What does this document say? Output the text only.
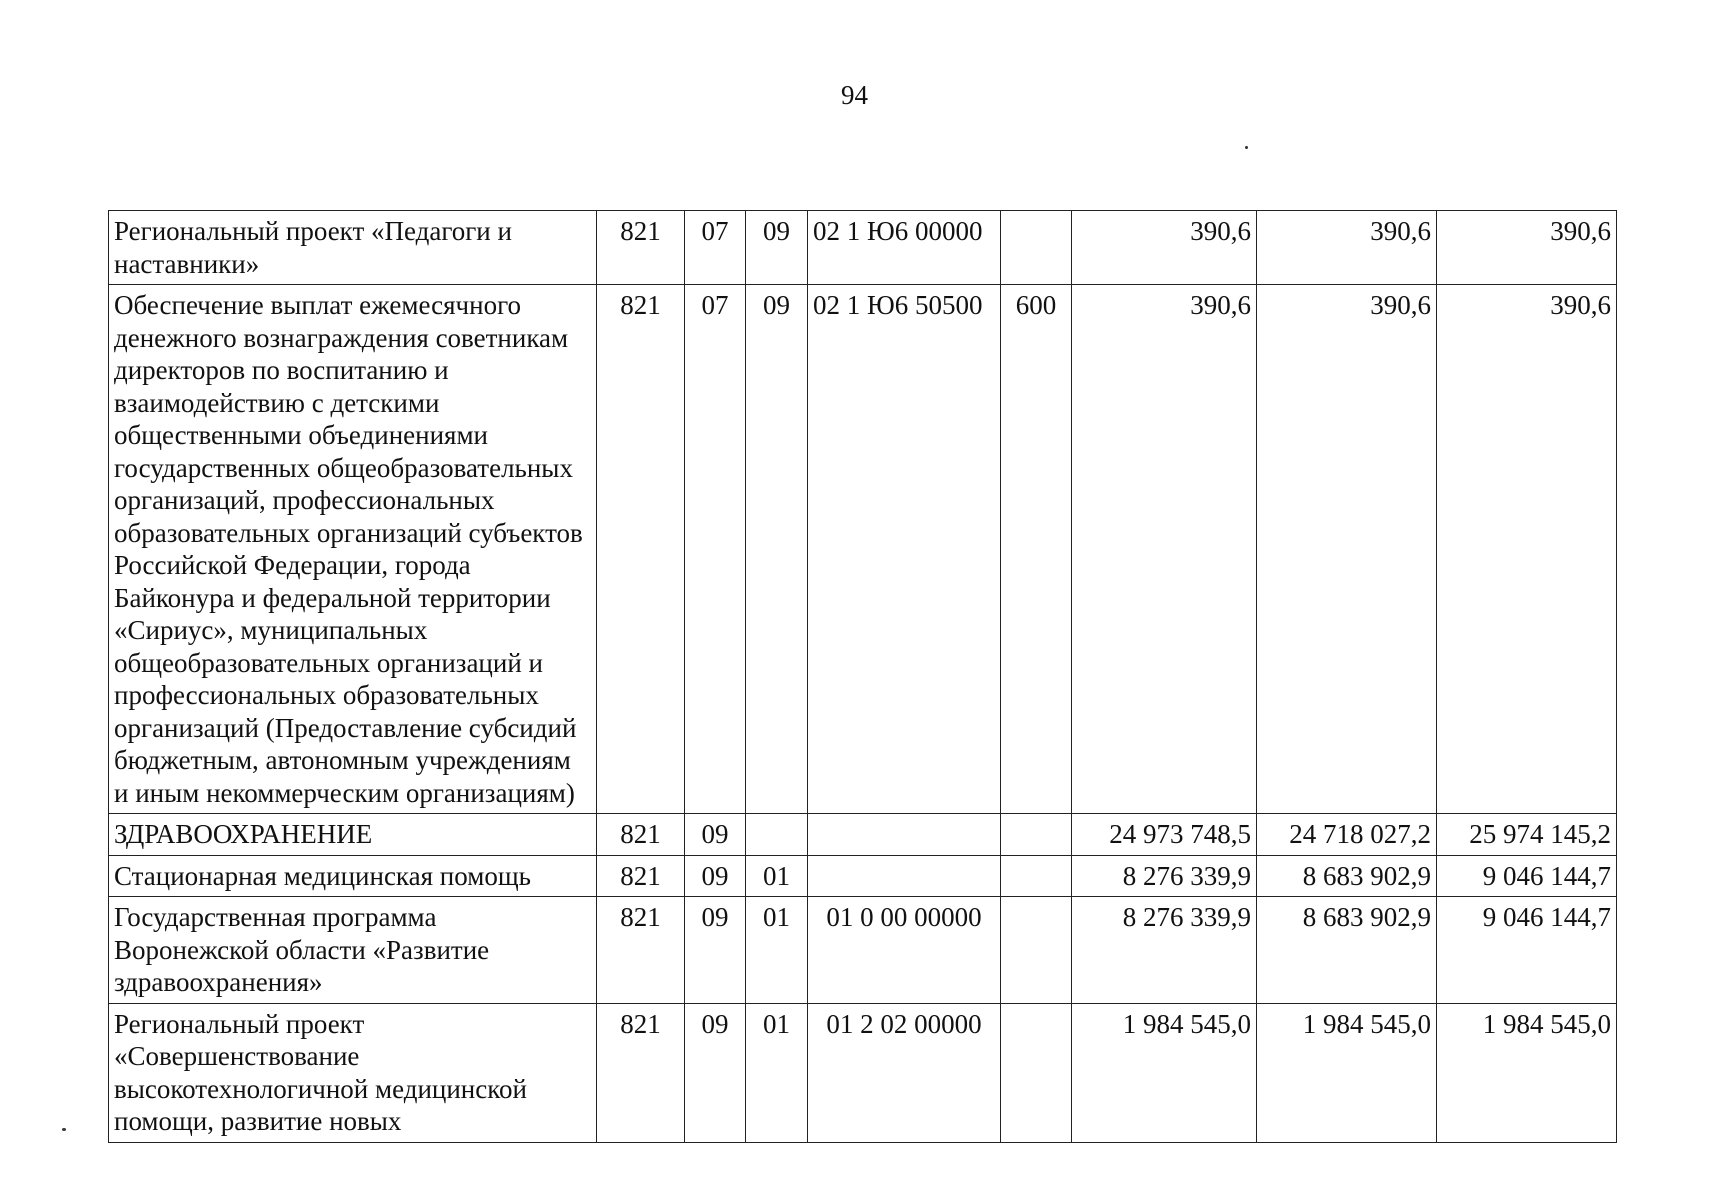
94
Региональный проект «Педагоги и наставники»	821	07	09	02 1 Ю6 00000		390,6	390,6	390,6
Обеспечение выплат ежемесячного денежного вознаграждения советникам директоров по воспитанию и взаимодействию с детскими общественными объединениями государственных общеобразовательных организаций, профессиональных образовательных организаций субъектов Российской Федерации, города Байконура и федеральной территории «Сириус», муниципальных общеобразовательных организаций и профессиональных образовательных организаций (Предоставление субсидий бюджетным, автономным учреждениям и иным некоммерческим организациям)	821	07	09	02 1 Ю6 50500	600	390,6	390,6	390,6
ЗДРАВООХРАНЕНИЕ	821	09				24 973 748,5	24 718 027,2	25 974 145,2
Стационарная медицинская помощь	821	09	01			8 276 339,9	8 683 902,9	9 046 144,7
Государственная программа Воронежской области «Развитие здравоохранения»	821	09	01	01 0 00 00000		8 276 339,9	8 683 902,9	9 046 144,7
Региональный проект «Совершенствование высокотехнологичной медицинской помощи, развитие новых	821	09	01	01 2 02 00000		1 984 545,0	1 984 545,0	1 984 545,0
